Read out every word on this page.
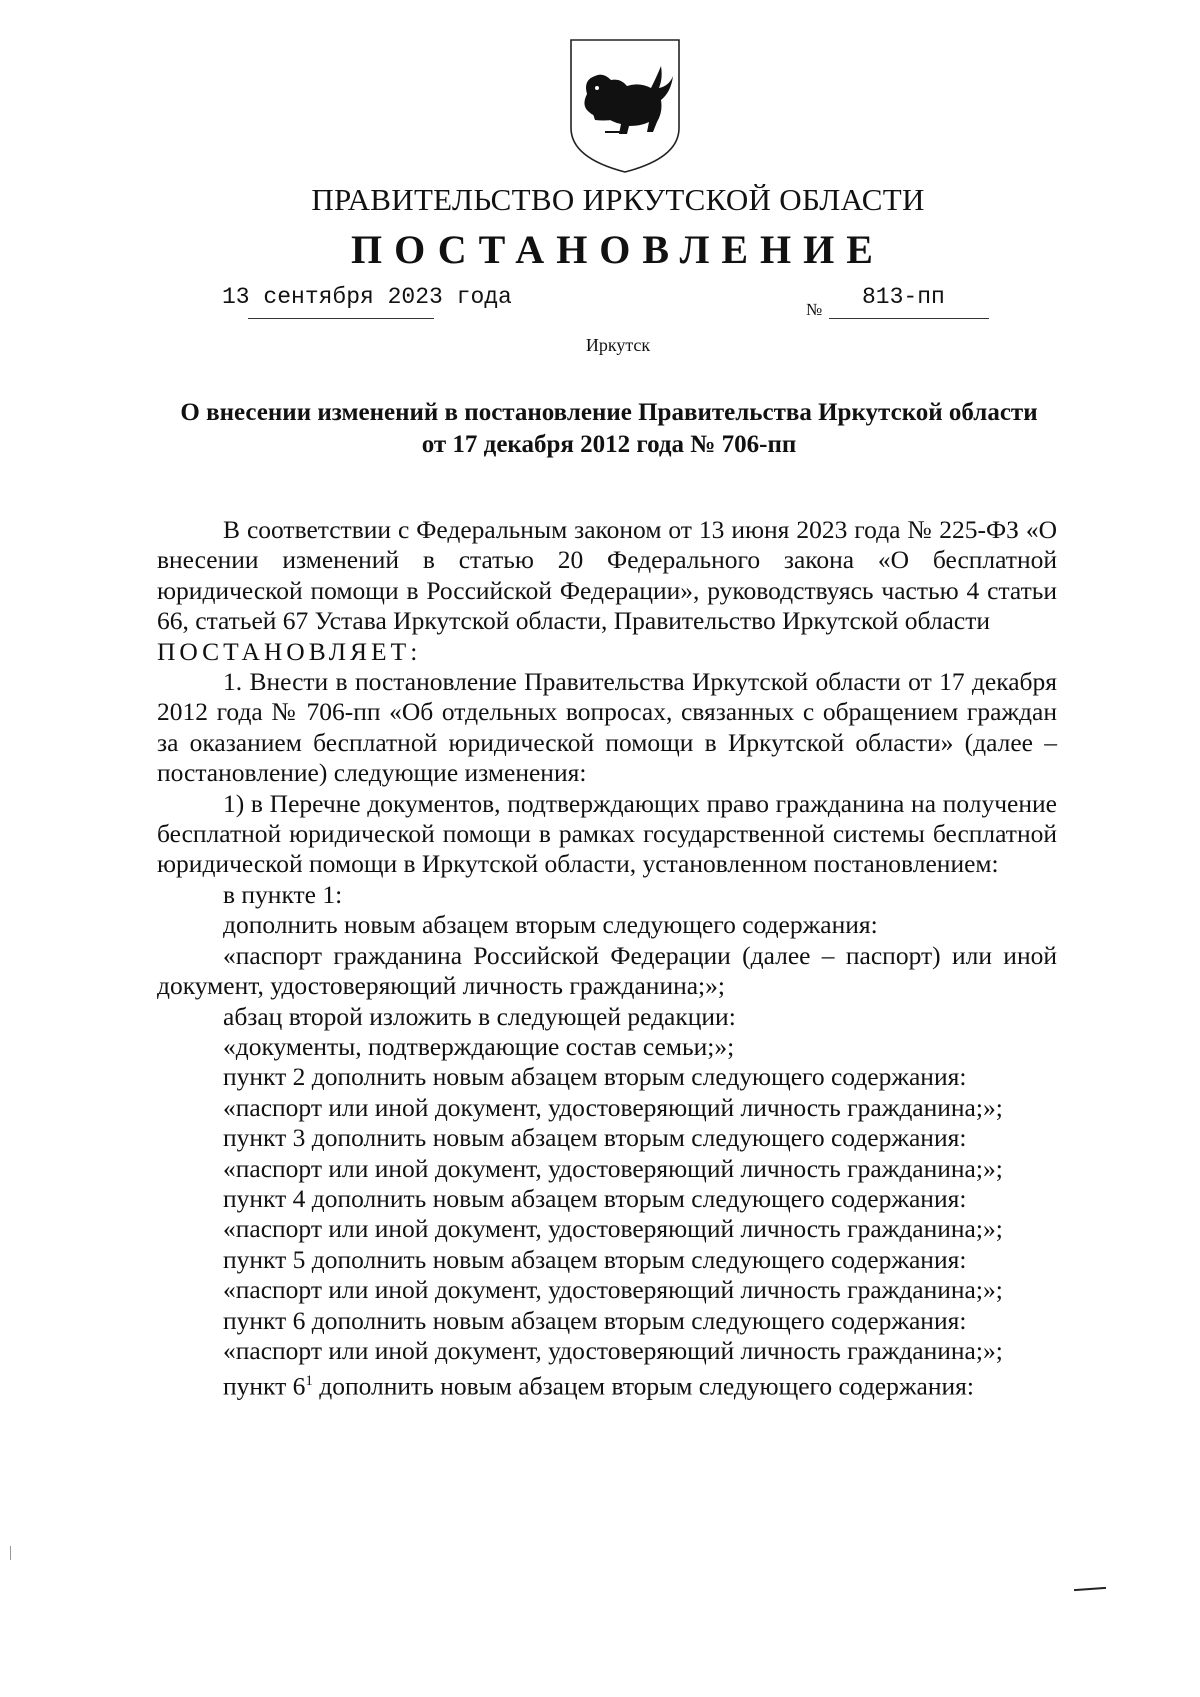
ПРАВИТЕЛЬСТВО ИРКУТСКОЙ ОБЛАСТИ
ПОСТАНОВЛЕНИЕ
13 сентября 2023 года	№ 813-пп
Иркутск
О внесении изменений в постановление Правительства Иркутской области
от 17 декабря 2012 года № 706-пп

В соответствии с Федеральным законом от 13 июня 2023 года № 225-ФЗ «О внесении изменений в статью 20 Федерального закона «О бесплатной юридической помощи в Российской Федерации», руководствуясь частью 4 статьи 66, статьей 67 Устава Иркутской области, Правительство Иркутской области

ПОСТАНОВЛЯЕТ:

1. Внести в постановление Правительства Иркутской области от 17 декабря 2012 года № 706-пп «Об отдельных вопросах, связанных с обращением граждан за оказанием бесплатной юридической помощи в Иркутской области» (далее – постановление) следующие изменения:

1) в Перечне документов, подтверждающих право гражданина на получение бесплатной юридической помощи в рамках государственной системы бесплатной юридической помощи в Иркутской области, установленном постановлением:

в пункте 1:
дополнить новым абзацем вторым следующего содержания:

«паспорт гражданина Российской Федерации (далее – паспорт) или иной документ, удостоверяющий личность гражданина;»;

абзац второй изложить в следующей редакции:
«документы, подтверждающие состав семьи;»;
пункт 2 дополнить новым абзацем вторым следующего содержания:
«паспорт или иной документ, удостоверяющий личность гражданина;»;
пункт 3 дополнить новым абзацем вторым следующего содержания:
«паспорт или иной документ, удостоверяющий личность гражданина;»;
пункт 4 дополнить новым абзацем вторым следующего содержания:
«паспорт или иной документ, удостоверяющий личность гражданина;»;
пункт 5 дополнить новым абзацем вторым следующего содержания:
«паспорт или иной документ, удостоверяющий личность гражданина;»;
пункт 6 дополнить новым абзацем вторым следующего содержания:
«паспорт или иной документ, удостоверяющий личность гражданина;»;
пункт $6^1$ дополнить новым абзацем вторым следующего содержания:
